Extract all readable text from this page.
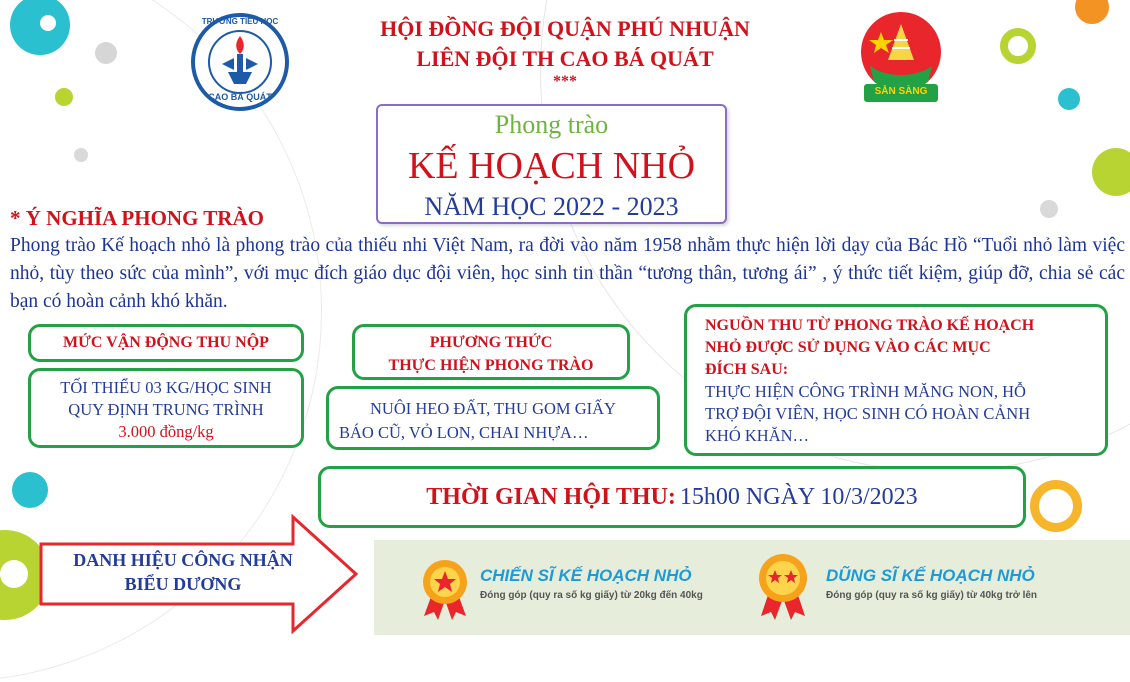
TRƯỜNG TIỂU HỌC
CAO BÁ QUÁT	SẴN SÀNG
HỘI ĐỒNG ĐỘI QUẬN PHÚ NHUẬN
LIÊN ĐỘI TH CAO BÁ QUÁT
***
Phong trào
KẾ HOẠCH NHỎ
NĂM HỌC 2022 - 2023
* Ý NGHĨA PHONG TRÀO
Phong trào Kế hoạch nhỏ là phong trào của thiếu nhi Việt Nam, ra đời vào năm 1958 nhằm thực hiện lời dạy của Bác Hồ “Tuổi nhỏ làm việc nhỏ, tùy theo sức của mình”, với mục đích giáo dục đội viên, học sinh tin thần “tương thân, tương ái” , ý thức tiết kiệm, giúp đỡ, chia sẻ các bạn có hoàn cảnh khó khăn.
MỨC VẬN ĐỘNG THU NỘP
TỐI THIỂU 03 KG/HỌC SINH
QUY ĐỊNH TRUNG TRÌNH
3.000 đồng/kg
PHƯƠNG THỨC
THỰC HIỆN PHONG TRÀO
NUÔI HEO ĐẤT, THU GOM GIẤY
BÁO CŨ, VỎ LON, CHAI NHỰA…
NGUỒN THU TỪ PHONG TRÀO KẾ HOẠCH
NHỎ ĐƯỢC SỬ DỤNG VÀO CÁC MỤC
ĐÍCH SAU:
THỰC HIỆN CÔNG TRÌNH MĂNG NON, HỖ
TRỢ ĐỘI VIÊN, HỌC SINH CÓ HOÀN CẢNH
KHÓ KHĂN…
THỜI GIAN HỘI THU: 15h00 NGÀY 10/3/2023
DANH HIỆU CÔNG NHẬN
BIỂU DƯƠNG	CHIẾN SĨ KẾ HOẠCH NHỎ
Đóng góp (quy ra số kg giấy) từ 20kg đến 40kg
DŨNG SĨ KẾ HOẠCH NHỎ
Đóng góp (quy ra số kg giấy) từ 40kg trở lên
